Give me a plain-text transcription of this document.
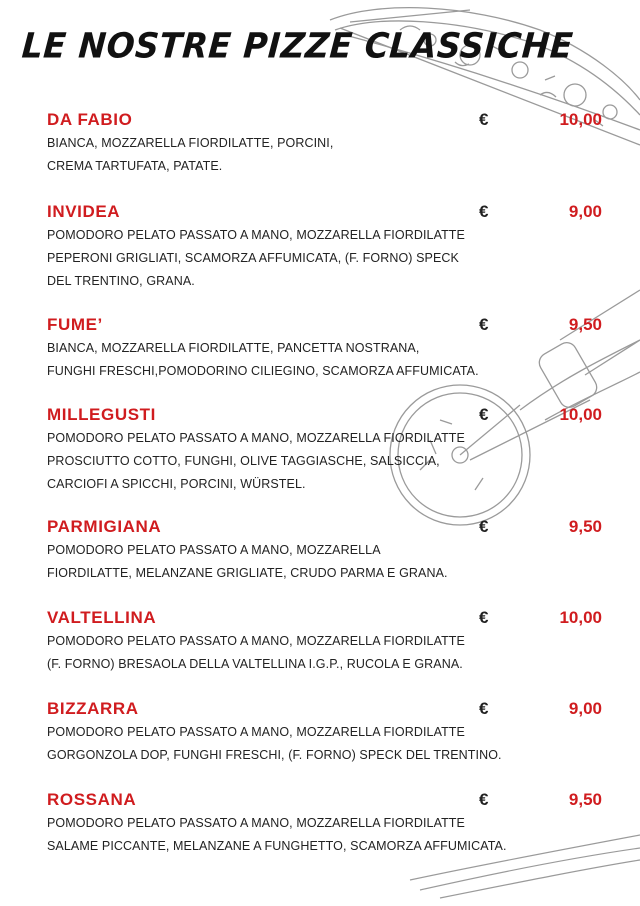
LE NOSTRE PIZZE CLASSICHE
DA FABIO	€	10,00
BIANCA, MOZZARELLA FIORDILATTE, PORCINI,
CREMA TARTUFATA, PATATE.
INVIDEA	€	9,00
POMODORO PELATO PASSATO A MANO, MOZZARELLA FIORDILATTE
PEPERONI GRIGLIATI, SCAMORZA AFFUMICATA, (F. FORNO) SPECK
DEL TRENTINO, GRANA.
FUME’	€	9,50
BIANCA, MOZZARELLA FIORDILATTE, PANCETTA NOSTRANA,
FUNGHI FRESCHI,POMODORINO CILIEGINO, SCAMORZA AFFUMICATA.
MILLEGUSTI	€	10,00
POMODORO PELATO PASSATO A MANO, MOZZARELLA FIORDILATTE
PROSCIUTTO COTTO, FUNGHI, OLIVE TAGGIASCHE, SALSICCIA,
CARCIOFI A SPICCHI, PORCINI, WÜRSTEL.
PARMIGIANA	€	9,50
POMODORO PELATO PASSATO A MANO, MOZZARELLA
FIORDILATTE, MELANZANE GRIGLIATE, CRUDO PARMA E GRANA.
VALTELLINA	€	10,00
POMODORO PELATO PASSATO A MANO, MOZZARELLA FIORDILATTE
(F. FORNO) BRESAOLA DELLA VALTELLINA I.G.P., RUCOLA E GRANA.
BIZZARRA	€	9,00
POMODORO PELATO PASSATO A MANO, MOZZARELLA FIORDILATTE
GORGONZOLA DOP, FUNGHI FRESCHI, (F. FORNO) SPECK DEL TRENTINO.
ROSSANA	€	9,50
POMODORO PELATO PASSATO A MANO, MOZZARELLA FIORDILATTE
SALAME PICCANTE, MELANZANE A FUNGHETTO, SCAMORZA AFFUMICATA.
